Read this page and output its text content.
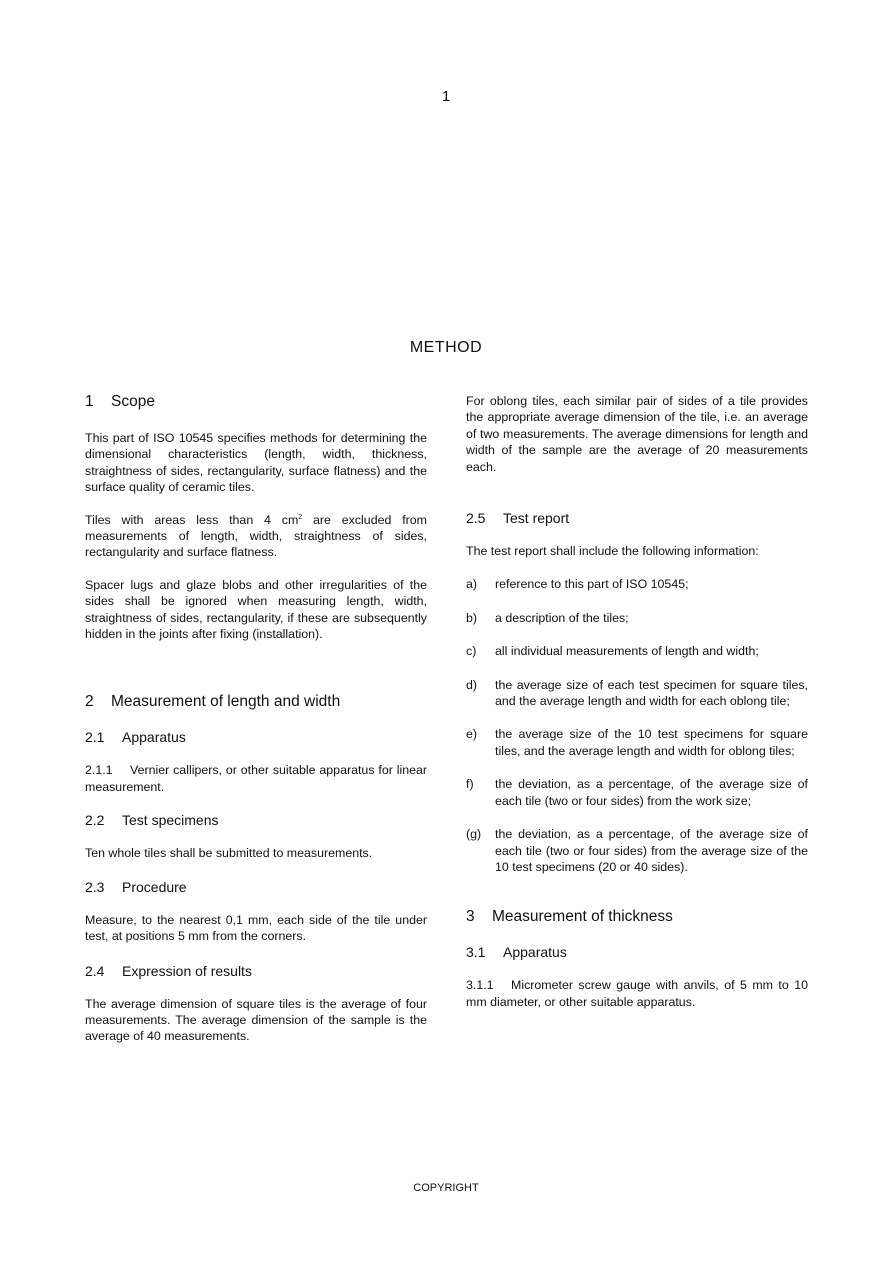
1
METHOD
1 Scope

This part of ISO 10545 specifies methods for determining the dimensional characteristics (length, width, thickness, straightness of sides, rectangularity, surface flatness) and the surface quality of ceramic tiles.

Tiles with areas less than 4 $cm^2$ are excluded from measurements of length, width, straightness of sides, rectangularity and surface flatness.

Spacer lugs and glaze blobs and other irregularities of the sides shall be ignored when measuring length, width, straightness of sides, rectangularity, if these are subsequently hidden in the joints after fixing (installation).

2 Measurement of length and width
2.1 Apparatus

2.1.1 Vernier callipers, or other suitable apparatus for linear measurement.

2.2 Test specimens

Ten whole tiles shall be submitted to measurements.

2.3 Procedure

Measure, to the nearest 0,1 mm, each side of the tile under test, at positions 5 mm from the corners.

2.4 Expression of results

The average dimension of square tiles is the average of four measurements. The average dimension of the sample is the average of 40 measurements.

For oblong tiles, each similar pair of sides of a tile provides the appropriate average dimension of the tile, i.e. an average of two measurements. The average dimensions for length and width of the sample are the average of 20 measurements each.

2.5 Test report

The test report shall include the following information:

a)	reference to this part of ISO 10545;
b)	a description of the tiles;
c)	all individual measurements of length and width;
d)	the average size of each test specimen for square tiles, and the average length and width for each oblong tile;
e)	the average size of the 10 test specimens for square tiles, and the average length and width for oblong tiles;
f)	the deviation, as a percentage, of the average size of each tile (two or four sides) from the work size;
(g)	the deviation, as a percentage, of the average size of each tile (two or four sides) from the average size of the 10 test specimens (20 or 40 sides).
3 Measurement of thickness
3.1 Apparatus

3.1.1 Micrometer screw gauge with anvils, of 5 mm to 10 mm diameter, or other suitable apparatus.

COPYRIGHT
